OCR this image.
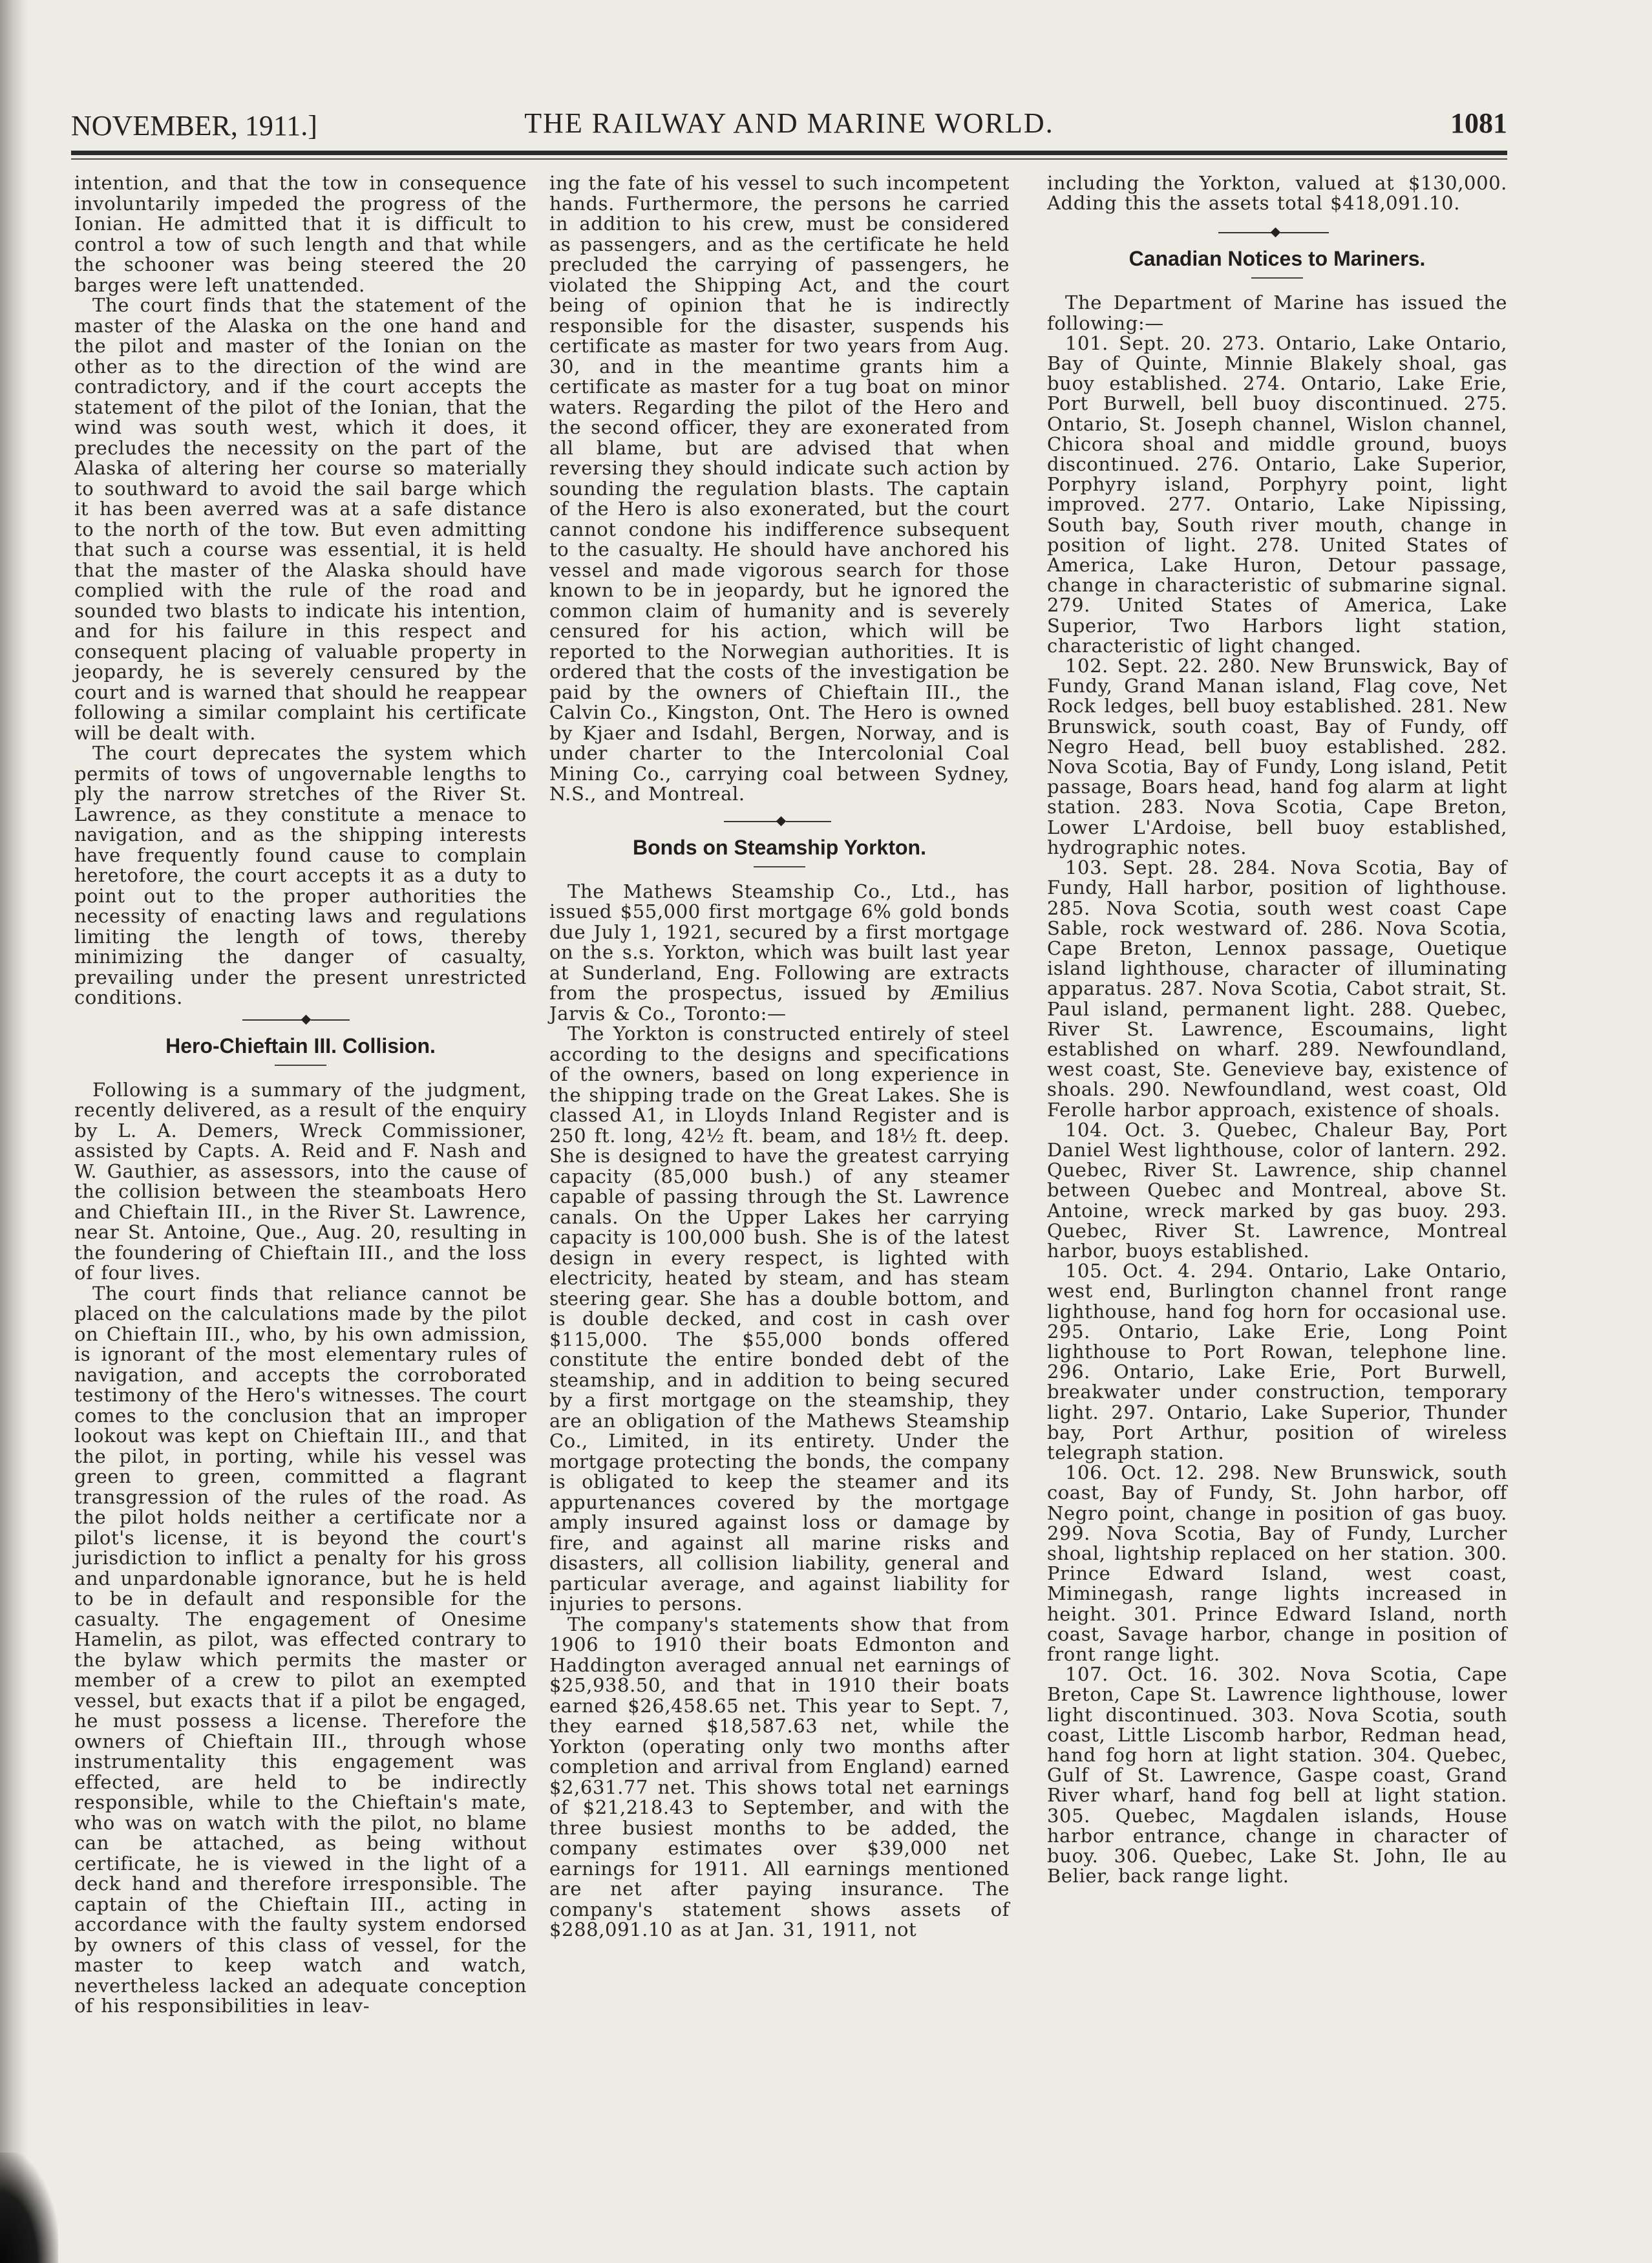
NOVEMBER, 1911.]	THE RAILWAY AND MARINE WORLD.	1081

intention, and that the tow in consequence involuntarily impeded the progress of the Ionian. He admitted that it is difficult to control a tow of such length and that while the schooner was being steered the 20 barges were left unattended.

The court finds that the statement of the master of the Alaska on the one hand and the pilot and master of the Ionian on the other as to the direction of the wind are contradictory, and if the court accepts the statement of the pilot of the Ionian, that the wind was south west, which it does, it precludes the necessity on the part of the Alaska of altering her course so materially to southward to avoid the sail barge which it has been averred was at a safe distance to the north of the tow. But even admitting that such a course was essential, it is held that the master of the Alaska should have complied with the rule of the road and sounded two blasts to indicate his intention, and for his failure in this respect and consequent placing of valuable property in jeopardy, he is severely censured by the court and is warned that should he reappear following a similar complaint his certificate will be dealt with.

The court deprecates the system which permits of tows of ungovernable lengths to ply the narrow stretches of the River St. Lawrence, as they constitute a menace to navigation, and as the shipping interests have frequently found cause to complain heretofore, the court accepts it as a duty to point out to the proper authorities the necessity of enacting laws and regulations limiting the length of tows, thereby minimizing the danger of casualty, prevailing under the present unrestricted conditions.

Hero-Chieftain III. Collision.

Following is a summary of the judgment, recently delivered, as a result of the enquiry by L. A. Demers, Wreck Commissioner, assisted by Capts. A. Reid and F. Nash and W. Gauthier, as assessors, into the cause of the collision between the steamboats Hero and Chieftain III., in the River St. Lawrence, near St. Antoine, Que., Aug. 20, resulting in the foundering of Chieftain III., and the loss of four lives.

The court finds that reliance cannot be placed on the calculations made by the pilot on Chieftain III., who, by his own admission, is ignorant of the most elementary rules of navigation, and accepts the corroborated testimony of the Hero's witnesses. The court comes to the conclusion that an improper lookout was kept on Chieftain III., and that the pilot, in porting, while his vessel was green to green, committed a flagrant transgression of the rules of the road. As the pilot holds neither a certificate nor a pilot's license, it is beyond the court's jurisdiction to inflict a penalty for his gross and unpardonable ignorance, but he is held to be in default and responsible for the casualty. The engagement of Onesime Hamelin, as pilot, was effected contrary to the bylaw which permits the master or member of a crew to pilot an exempted vessel, but exacts that if a pilot be engaged, he must possess a license. Therefore the owners of Chieftain III., through whose instrumentality this engagement was effected, are held to be indirectly responsible, while to the Chieftain's mate, who was on watch with the pilot, no blame can be attached, as being without certificate, he is viewed in the light of a deck hand and therefore irresponsible. The captain of the Chieftain III., acting in accordance with the faulty system endorsed by owners of this class of vessel, for the master to keep watch and watch, nevertheless lacked an adequate conception of his responsibilities in leav-

ing the fate of his vessel to such incompetent hands. Furthermore, the persons he carried in addition to his crew, must be considered as passengers, and as the certificate he held precluded the carrying of passengers, he violated the Shipping Act, and the court being of opinion that he is indirectly responsible for the disaster, suspends his certificate as master for two years from Aug. 30, and in the meantime grants him a certificate as master for a tug boat on minor waters. Regarding the pilot of the Hero and the second officer, they are exonerated from all blame, but are advised that when reversing they should indicate such action by sounding the regulation blasts. The captain of the Hero is also exonerated, but the court cannot condone his indifference subsequent to the casualty. He should have anchored his vessel and made vigorous search for those known to be in jeopardy, but he ignored the common claim of humanity and is severely censured for his action, which will be reported to the Norwegian authorities. It is ordered that the costs of the investigation be paid by the owners of Chieftain III., the Calvin Co., Kingston, Ont. The Hero is owned by Kjaer and Isdahl, Bergen, Norway, and is under charter to the Intercolonial Coal Mining Co., carrying coal between Sydney, N.S., and Montreal.

Bonds on Steamship Yorkton.

The Mathews Steamship Co., Ltd., has issued $55,000 first mortgage 6% gold bonds due July 1, 1921, secured by a first mortgage on the s.s. Yorkton, which was built last year at Sunderland, Eng. Following are extracts from the prospectus, issued by Æmilius Jarvis & Co., Toronto:—

The Yorkton is constructed entirely of steel according to the designs and specifications of the owners, based on long experience in the shipping trade on the Great Lakes. She is classed A1, in Lloyds Inland Register and is 250 ft. long, 42½ ft. beam, and 18½ ft. deep. She is designed to have the greatest carrying capacity (85,000 bush.) of any steamer capable of passing through the St. Lawrence canals. On the Upper Lakes her carrying capacity is 100,000 bush. She is of the latest design in every respect, is lighted with electricity, heated by steam, and has steam steering gear. She has a double bottom, and is double decked, and cost in cash over $115,000. The $55,000 bonds offered constitute the entire bonded debt of the steamship, and in addition to being secured by a first mortgage on the steamship, they are an obligation of the Mathews Steamship Co., Limited, in its entirety. Under the mortgage protecting the bonds, the company is obligated to keep the steamer and its appurtenances covered by the mortgage amply insured against loss or damage by fire, and against all marine risks and disasters, all collision liability, general and particular average, and against liability for injuries to persons.

The company's statements show that from 1906 to 1910 their boats Edmonton and Haddington averaged annual net earnings of $25,938.50, and that in 1910 their boats earned $26,458.65 net. This year to Sept. 7, they earned $18,587.63 net, while the Yorkton (operating only two months after completion and arrival from England) earned $2,631.77 net. This shows total net earnings of $21,218.43 to September, and with the three busiest months to be added, the company estimates over $39,000 net earnings for 1911. All earnings mentioned are net after paying insurance. The company's statement shows assets of $288,091.10 as at Jan. 31, 1911, not

including the Yorkton, valued at $130,000. Adding this the assets total $418,091.10.

Canadian Notices to Mariners.

The Department of Marine has issued the following:—

101. Sept. 20. 273. Ontario, Lake Ontario, Bay of Quinte, Minnie Blakely shoal, gas buoy established. 274. Ontario, Lake Erie, Port Burwell, bell buoy discontinued. 275. Ontario, St. Joseph channel, Wislon channel, Chicora shoal and middle ground, buoys discontinued. 276. Ontario, Lake Superior, Porphyry island, Porphyry point, light improved. 277. Ontario, Lake Nipissing, South bay, South river mouth, change in position of light. 278. United States of America, Lake Huron, Detour passage, change in characteristic of submarine signal. 279. United States of America, Lake Superior, Two Harbors light station, characteristic of light changed.

102. Sept. 22. 280. New Brunswick, Bay of Fundy, Grand Manan island, Flag cove, Net Rock ledges, bell buoy established. 281. New Brunswick, south coast, Bay of Fundy, off Negro Head, bell buoy established. 282. Nova Scotia, Bay of Fundy, Long island, Petit passage, Boars head, hand fog alarm at light station. 283. Nova Scotia, Cape Breton, Lower L'Ardoise, bell buoy established, hydrographic notes.

103. Sept. 28. 284. Nova Scotia, Bay of Fundy, Hall harbor, position of lighthouse. 285. Nova Scotia, south west coast Cape Sable, rock westward of. 286. Nova Scotia, Cape Breton, Lennox passage, Ouetique island lighthouse, character of illuminating apparatus. 287. Nova Scotia, Cabot strait, St. Paul island, permanent light. 288. Quebec, River St. Lawrence, Escoumains, light established on wharf. 289. Newfoundland, west coast, Ste. Genevieve bay, existence of shoals. 290. Newfoundland, west coast, Old Ferolle harbor approach, existence of shoals.

104. Oct. 3. Quebec, Chaleur Bay, Port Daniel West lighthouse, color of lantern. 292. Quebec, River St. Lawrence, ship channel between Quebec and Montreal, above St. Antoine, wreck marked by gas buoy. 293. Quebec, River St. Lawrence, Montreal harbor, buoys established.

105. Oct. 4. 294. Ontario, Lake Ontario, west end, Burlington channel front range lighthouse, hand fog horn for occasional use. 295. Ontario, Lake Erie, Long Point lighthouse to Port Rowan, telephone line. 296. Ontario, Lake Erie, Port Burwell, breakwater under construction, temporary light. 297. Ontario, Lake Superior, Thunder bay, Port Arthur, position of wireless telegraph station.

106. Oct. 12. 298. New Brunswick, south coast, Bay of Fundy, St. John harbor, off Negro point, change in position of gas buoy. 299. Nova Scotia, Bay of Fundy, Lurcher shoal, lightship replaced on her station. 300. Prince Edward Island, west coast, Miminegash, range lights increased in height. 301. Prince Edward Island, north coast, Savage harbor, change in position of front range light.

107. Oct. 16. 302. Nova Scotia, Cape Breton, Cape St. Lawrence lighthouse, lower light discontinued. 303. Nova Scotia, south coast, Little Liscomb harbor, Redman head, hand fog horn at light station. 304. Quebec, Gulf of St. Lawrence, Gaspe coast, Grand River wharf, hand fog bell at light station. 305. Quebec, Magdalen islands, House harbor entrance, change in character of buoy. 306. Quebec, Lake St. John, Ile au Belier, back range light.
